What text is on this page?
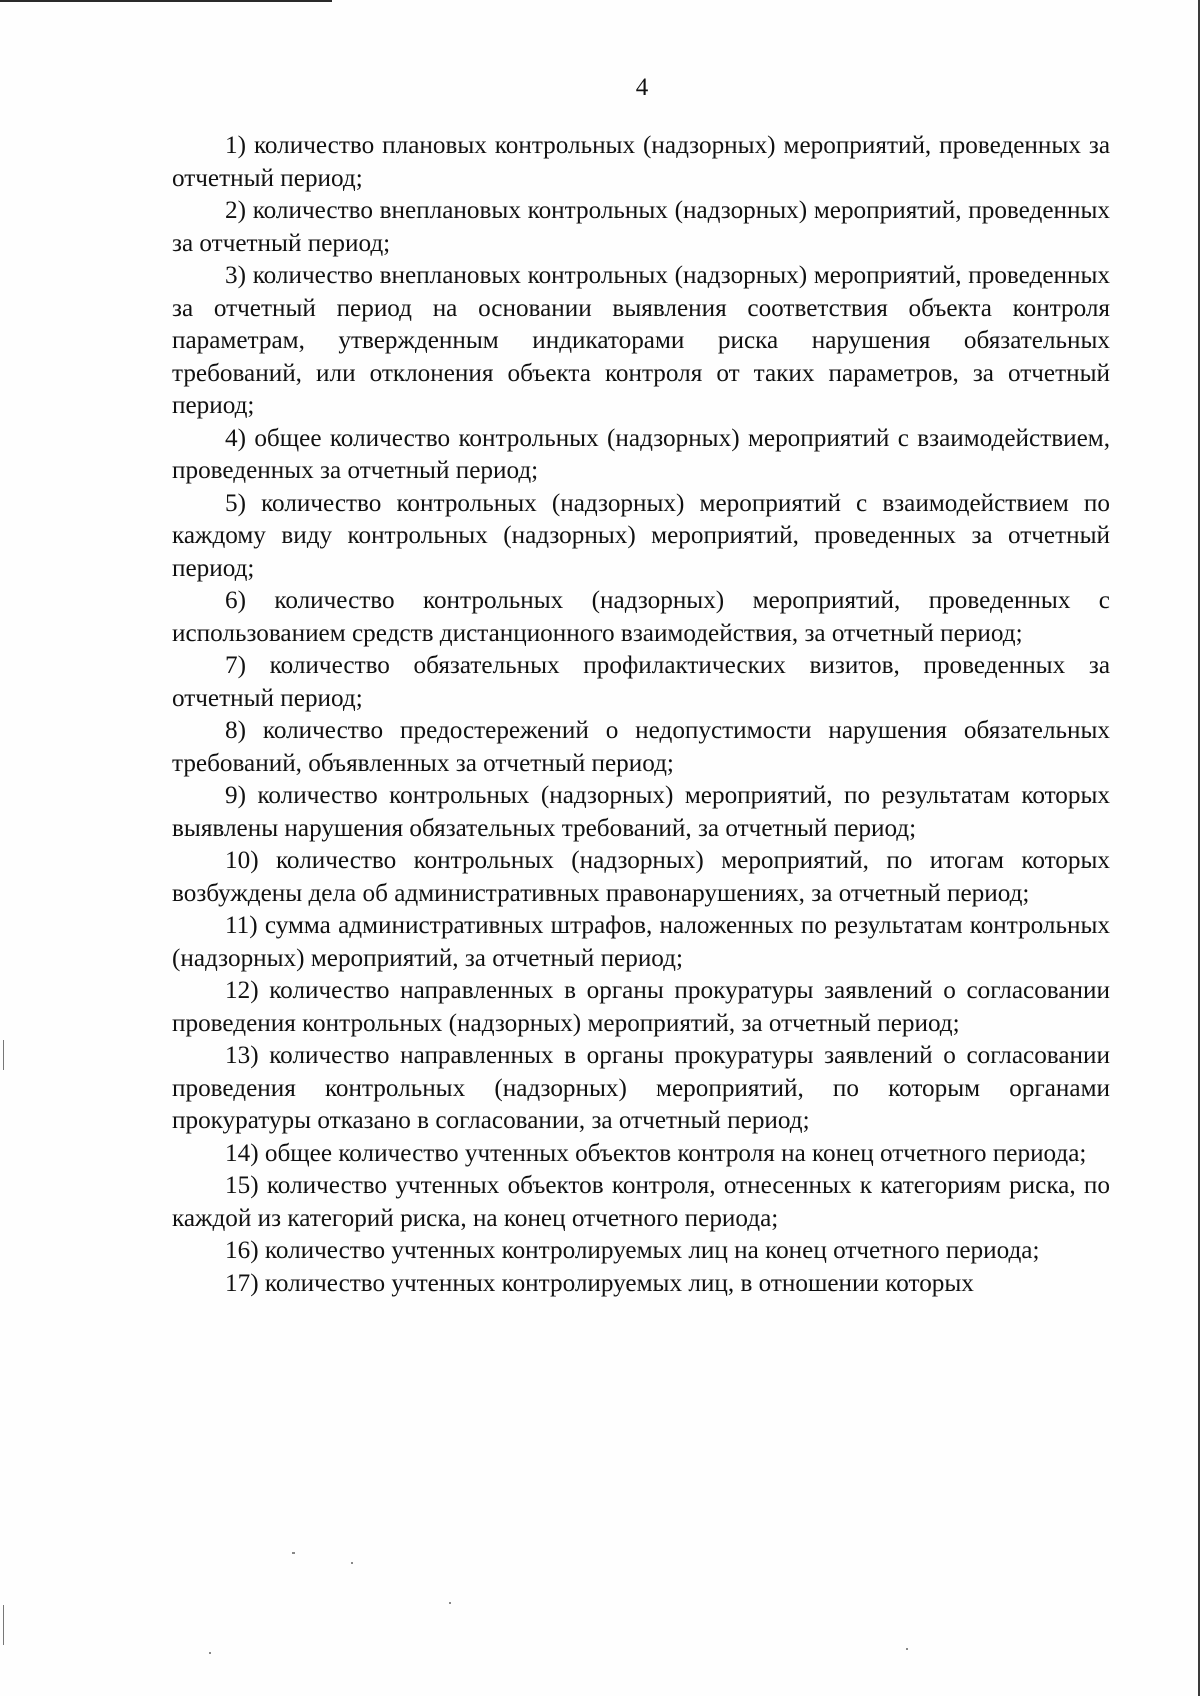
4

1) количество плановых контрольных (надзорных) мероприятий, проведенных за отчетный период;

2) количество внеплановых контрольных (надзорных) мероприятий, проведенных за отчетный период;

3) количество внеплановых контрольных (надзорных) мероприятий, проведенных за отчетный период на основании выявления соответствия объекта контроля параметрам, утвержденным индикаторами риска нарушения обязательных требований, или отклонения объекта контроля от таких параметров, за отчетный период;

4) общее количество контрольных (надзорных) мероприятий с взаимодействием, проведенных за отчетный период;

5) количество контрольных (надзорных) мероприятий с взаимодействием по каждому виду контрольных (надзорных) мероприятий, проведенных за отчетный период;

6) количество контрольных (надзорных) мероприятий, проведенных с использованием средств дистанционного взаимодействия, за отчетный период;

7) количество обязательных профилактических визитов, проведенных за отчетный период;

8) количество предостережений о недопустимости нарушения обязательных требований, объявленных за отчетный период;

9) количество контрольных (надзорных) мероприятий, по результатам которых выявлены нарушения обязательных требований, за отчетный период;

10) количество контрольных (надзорных) мероприятий, по итогам которых возбуждены дела об административных правонарушениях, за отчетный период;

11) сумма административных штрафов, наложенных по результатам контрольных (надзорных) мероприятий, за отчетный период;

12) количество направленных в органы прокуратуры заявлений о согласовании проведения контрольных (надзорных) мероприятий, за отчетный период;

13) количество направленных в органы прокуратуры заявлений о согласовании проведения контрольных (надзорных) мероприятий, по которым органами прокуратуры отказано в согласовании, за отчетный период;

14) общее количество учтенных объектов контроля на конец отчетного периода;

15) количество учтенных объектов контроля, отнесенных к категориям риска, по каждой из категорий риска, на конец отчетного периода;

16) количество учтенных контролируемых лиц на конец отчетного периода;

17) количество учтенных контролируемых лиц, в отношении которых
